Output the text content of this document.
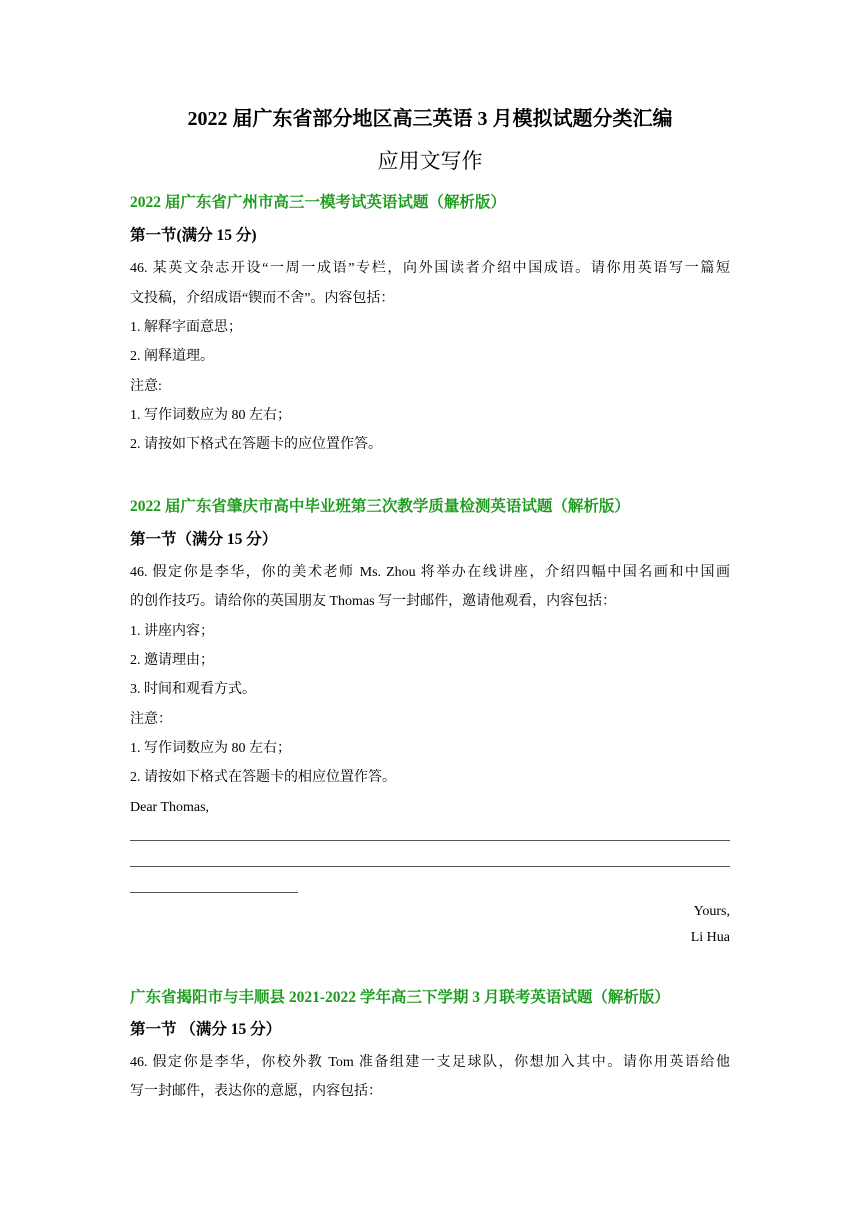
2022 届广东省部分地区高三英语 3 月模拟试题分类汇编
应用文写作
2022 届广东省广州市高三一模考试英语试题（解析版）
第一节(满分 15 分)
46. 某英文杂志开设“一周一成语”专栏，向外国读者介绍中国成语。请你用英语写一篇短
文投稿，介绍成语“锲而不舍”。内容包括：
1. 解释字面意思；
2. 阐释道理。
注意:
1. 写作词数应为 80 左右；
2. 请按如下格式在答题卡的应位置作答。
2022 届广东省肇庆市高中毕业班第三次教学质量检测英语试题（解析版）
第一节（满分 15 分）
46. 假定你是李华，你的美术老师 Ms. Zhou 将举办在线讲座，介绍四幅中国名画和中国画
的创作技巧。请给你的英国朋友 Thomas 写一封邮件，邀请他观看，内容包括：
1. 讲座内容；
2. 邀请理由；
3. 时间和观看方式。
注意：
1. 写作词数应为 80 左右；
2. 请按如下格式在答题卡的相应位置作答。
Dear Thomas,
Yours,
Li Hua
广东省揭阳市与丰顺县 2021-2022 学年高三下学期 3 月联考英语试题（解析版）
第一节 （满分 15 分）
46. 假定你是李华，你校外教 Tom 准备组建一支足球队，你想加入其中。请你用英语给他
写一封邮件，表达你的意愿，内容包括：
